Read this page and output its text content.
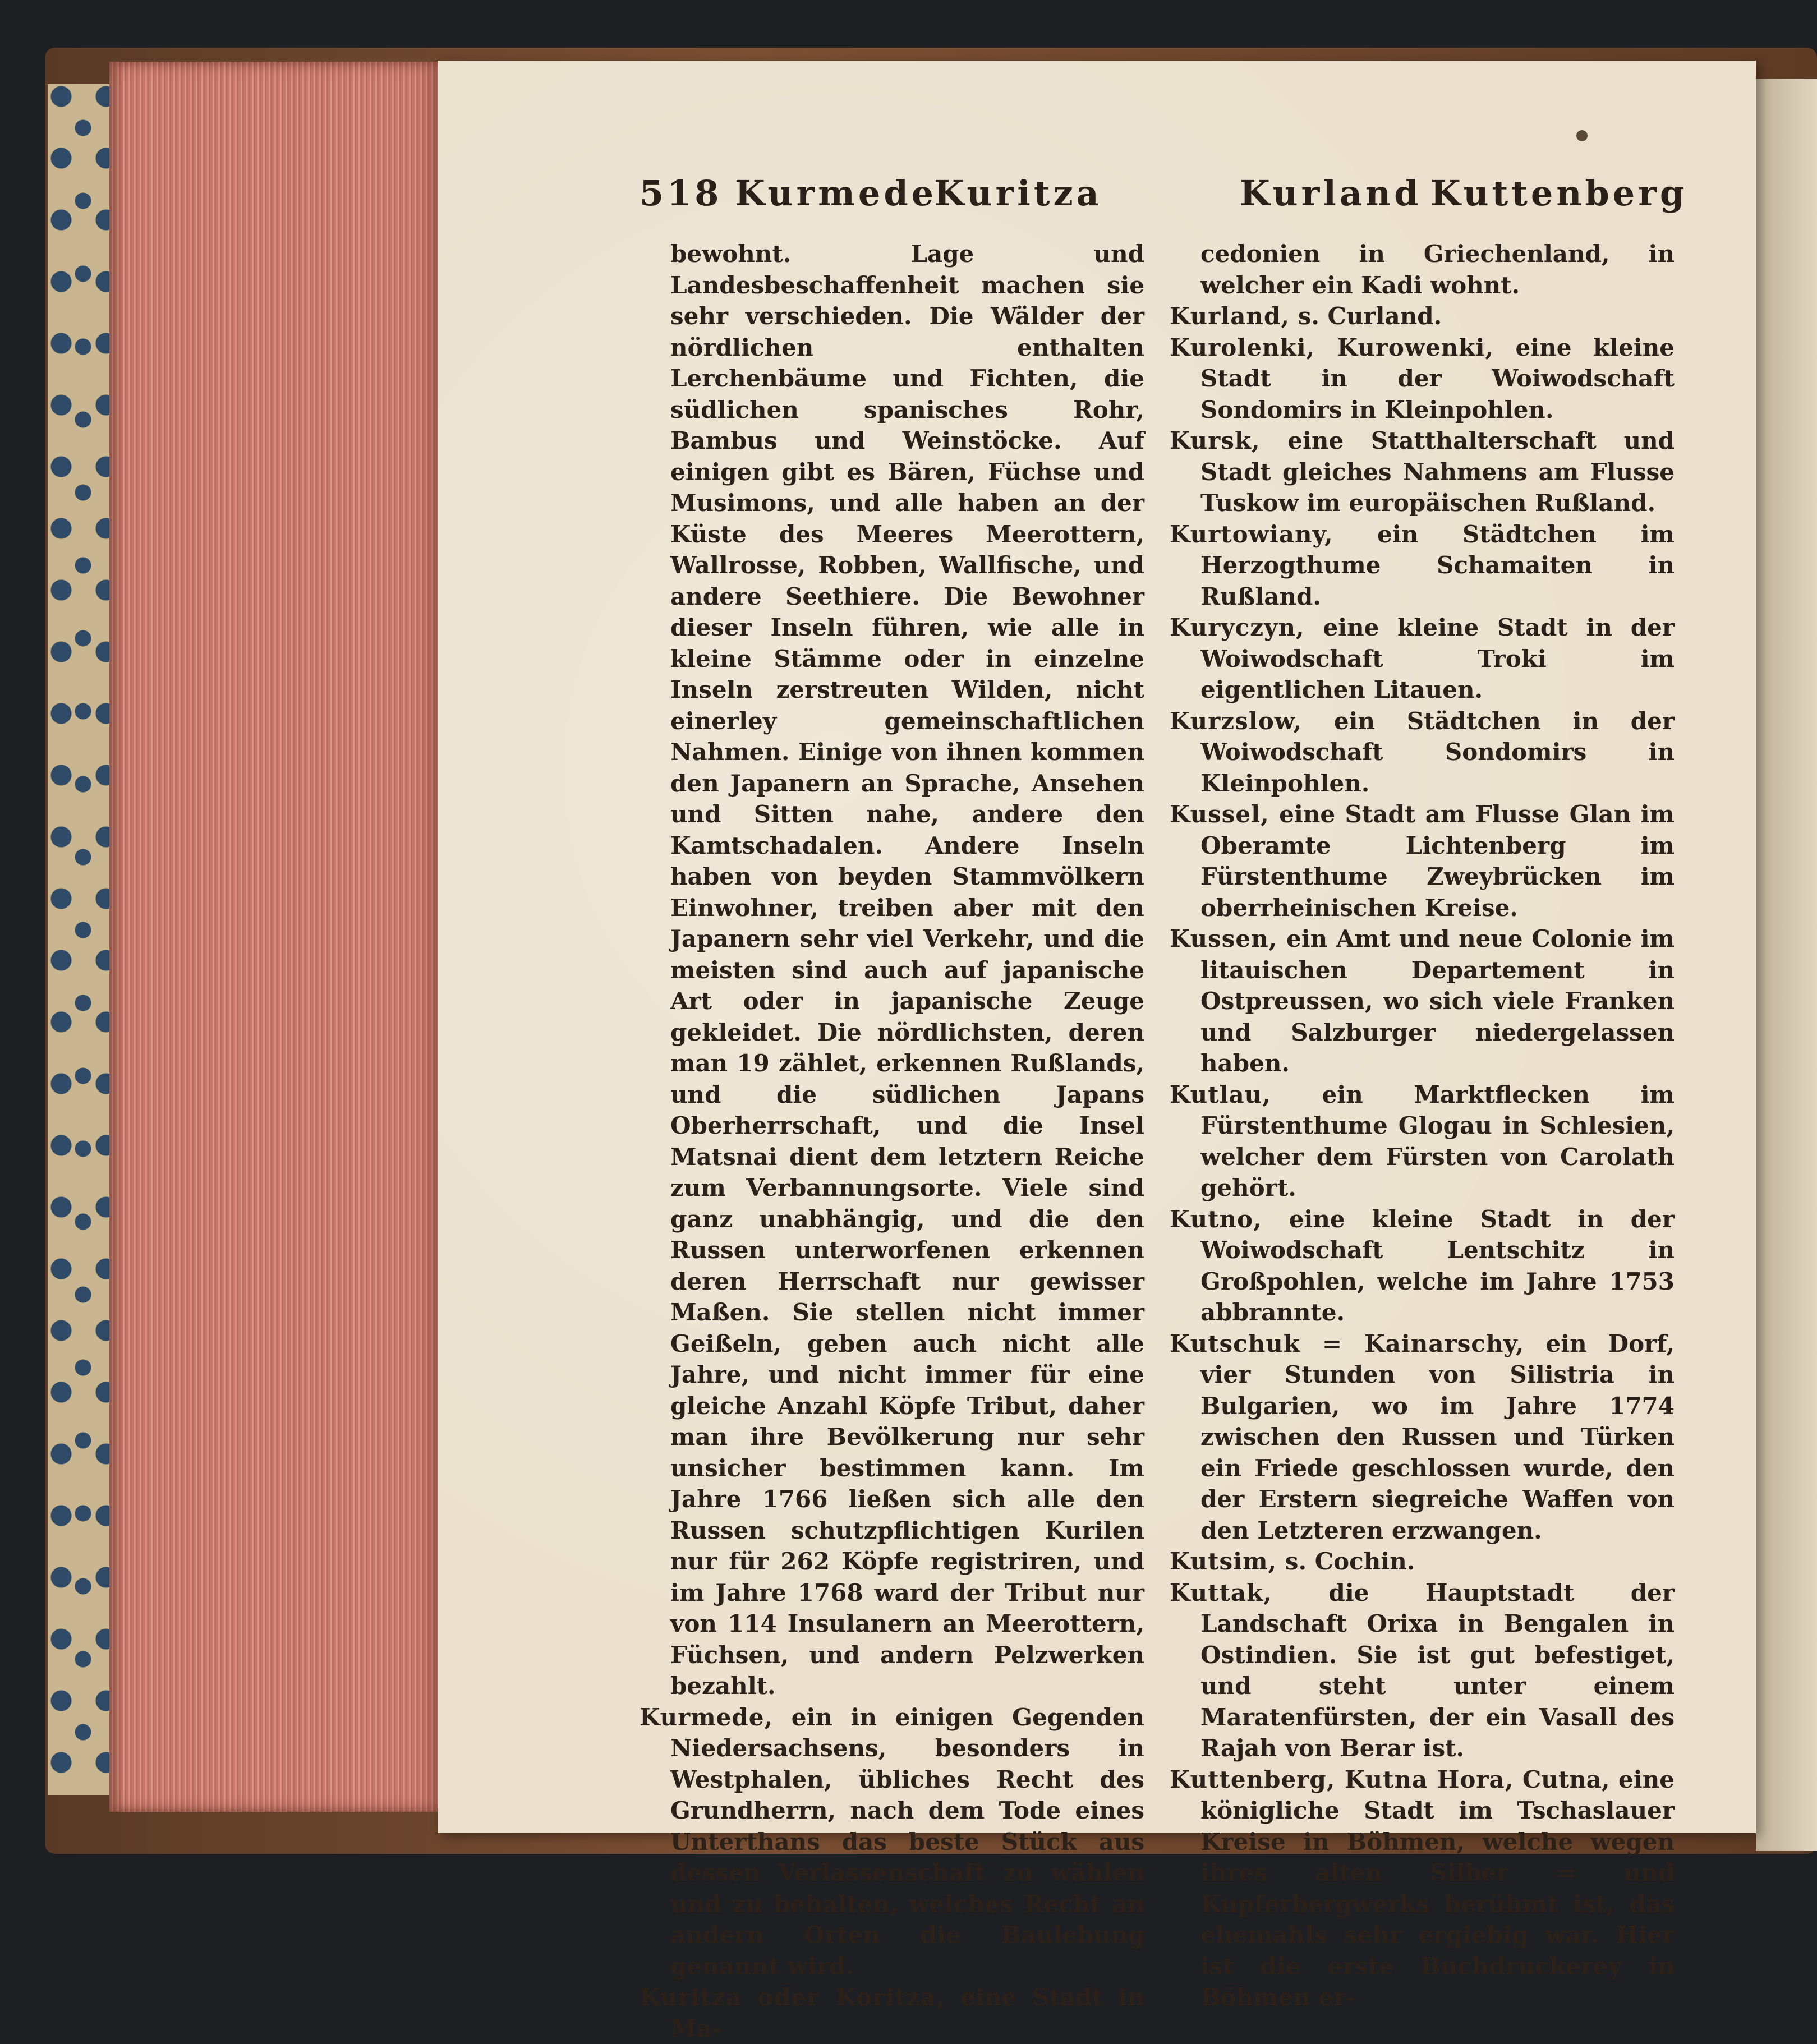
518 Kurmede
Kuritza	Kurland Kuttenberg

bewohnt. Lage und Landesbeschaffenheit machen sie sehr verschieden. Die Wälder der nördlichen enthalten Lerchenbäume und Fichten, die südlichen spanisches Rohr, Bambus und Weinstöcke. Auf einigen gibt es Bären, Füchse und Musimons, und alle haben an der Küste des Meeres Meerottern, Wallrosse, Robben, Wallfische, und andere Seethiere. Die Bewohner dieser Inseln führen, wie alle in kleine Stämme oder in einzelne Inseln zerstreuten Wilden, nicht einerley gemeinschaftlichen Nahmen. Einige von ihnen kommen den Japanern an Sprache, Ansehen und Sitten nahe, andere den Kamtschadalen. Andere Inseln haben von beyden Stammvölkern Einwohner, treiben aber mit den Japanern sehr viel Verkehr, und die meisten sind auch auf japanische Art oder in japanische Zeuge gekleidet. Die nördlichsten, deren man 19 zählet, erkennen Rußlands, und die südlichen Japans Oberherrschaft, und die Insel Matsnai dient dem letztern Reiche zum Verbannungsorte. Viele sind ganz unabhängig, und die den Russen unterworfenen erkennen deren Herrschaft nur gewisser Maßen. Sie stellen nicht immer Geißeln, geben auch nicht alle Jahre, und nicht immer für eine gleiche Anzahl Köpfe Tribut, daher man ihre Bevölkerung nur sehr unsicher bestimmen kann. Im Jahre 1766 ließen sich alle den Russen schutzpflichtigen Kurilen nur für 262 Köpfe registriren, und im Jahre 1768 ward der Tribut nur von 114 Insulanern an Meerottern, Füchsen, und andern Pelzwerken bezahlt.

Kurmede, ein in einigen Gegenden Niedersachsens, besonders in Westphalen, übliches Recht des Grundherrn, nach dem Tode eines Unterthans das beste Stück aus dessen Verlassenschaft zu wählen und zu behalten, welches Recht an andern Orten die Baulebung genannt wird.

Kuritza oder Koritza, eine Stadt in Ma-

cedonien in Griechenland, in welcher ein Kadi wohnt.

Kurland, s. Curland.

Kurolenki, Kurowenki, eine kleine Stadt in der Woiwodschaft Sondomirs in Kleinpohlen.

Kursk, eine Statthalterschaft und Stadt gleiches Nahmens am Flusse Tuskow im europäischen Rußland.

Kurtowiany, ein Städtchen im Herzogthume Schamaiten in Rußland.

Kuryczyn, eine kleine Stadt in der Woiwodschaft Troki im eigentlichen Litauen.

Kurzslow, ein Städtchen in der Woiwodschaft Sondomirs in Kleinpohlen.

Kussel, eine Stadt am Flusse Glan im Oberamte Lichtenberg im Fürstenthume Zweybrücken im oberrheinischen Kreise.

Kussen, ein Amt und neue Colonie im litauischen Departement in Ostpreussen, wo sich viele Franken und Salzburger niedergelassen haben.

Kutlau, ein Marktflecken im Fürstenthume Glogau in Schlesien, welcher dem Fürsten von Carolath gehört.

Kutno, eine kleine Stadt in der Woiwodschaft Lentschitz in Großpohlen, welche im Jahre 1753 abbrannte.

Kutschuk = Kainarschy, ein Dorf, vier Stunden von Silistria in Bulgarien, wo im Jahre 1774 zwischen den Russen und Türken ein Friede geschlossen wurde, den der Erstern siegreiche Waffen von den Letzteren erzwangen.

Kutsim, s. Cochin.

Kuttak, die Hauptstadt der Landschaft Orixa in Bengalen in Ostindien. Sie ist gut befestiget, und steht unter einem Maratenfürsten, der ein Vasall des Rajah von Berar ist.

Kuttenberg, Kutna Hora, Cutna, eine königliche Stadt im Tschaslauer Kreise in Böhmen, welche wegen ihres alten Silber = und Kupferbergwerks berühmt ist, das ehemahls sehr ergiebig war. Hier ist die erste Buchdruckerey in Böhmen er-
